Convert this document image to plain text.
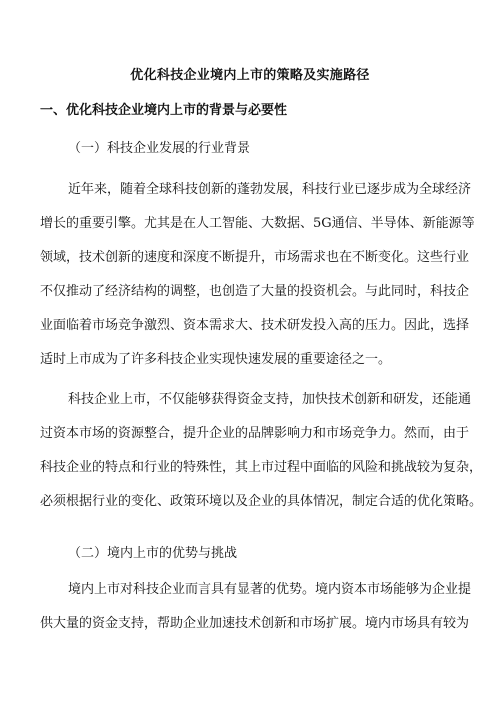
优化科技企业境内上市的策略及实施路径
一、优化科技企业境内上市的背景与必要性
（一）科技企业发展的行业背景
近年来，随着全球科技创新的蓬勃发展，科技行业已逐步成为全球经济
增长的重要引擎。尤其是在人工智能、大数据、5G通信、半导体、新能源等
领域，技术创新的速度和深度不断提升，市场需求也在不断变化。这些行业
不仅推动了经济结构的调整，也创造了大量的投资机会。与此同时，科技企
业面临着市场竞争激烈、资本需求大、技术研发投入高的压力。因此，选择
适时上市成为了许多科技企业实现快速发展的重要途径之一。
科技企业上市，不仅能够获得资金支持，加快技术创新和研发，还能通
过资本市场的资源整合，提升企业的品牌影响力和市场竞争力。然而，由于
科技企业的特点和行业的特殊性，其上市过程中面临的风险和挑战较为复杂，
必须根据行业的变化、政策环境以及企业的具体情况，制定合适的优化策略。
（二）境内上市的优势与挑战
境内上市对科技企业而言具有显著的优势。境内资本市场能够为企业提
供大量的资金支持，帮助企业加速技术创新和市场扩展。境内市场具有较为
